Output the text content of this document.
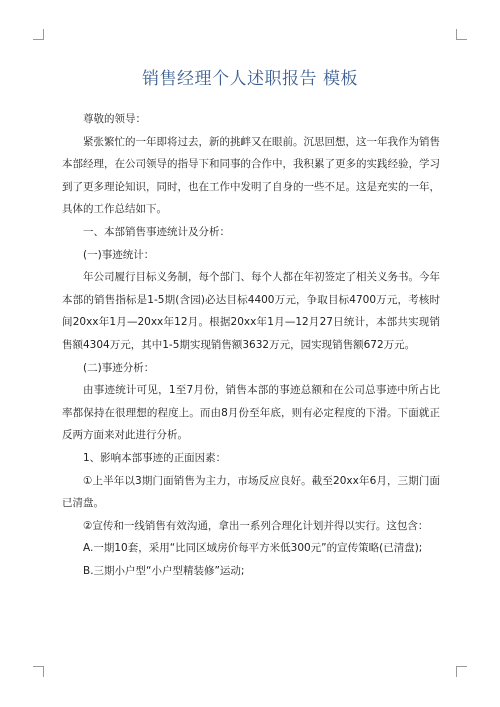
销售经理个人述职报告 模板

尊敬的领导：

紧张繁忙的一年即将过去，新的挑衅又在眼前。沉思回想，这一年我作为销售本部经理，在公司领导的指导下和同事的合作中，我积累了更多的实践经验，学习到了更多理论知识，同时，也在工作中发明了自身的一些不足。这是充实的一年，具体的工作总结如下。

一、本部销售事迹统计及分析：

(一)事迹统计：

年公司履行目标义务制，每个部门、每个人都在年初签定了相关义务书。今年本部的销售指标是1-5期(含园)必达目标4400万元，争取目标4700万元，考核时间20xx年1月—20xx年12月。根据20xx年1月—12月27日统计，本部共实现销售额4304万元，其中1-5期实现销售额3632万元，园实现销售额672万元。

(二)事迹分析：

由事迹统计可见，1至7月份，销售本部的事迹总额和在公司总事迹中所占比率都保持在很理想的程度上。而由8月份至年底，则有必定程度的下滑。下面就正反两方面来对此进行分析。

1、影响本部事迹的正面因素：

①上半年以3期门面销售为主力，市场反应良好。截至20xx年6月，三期门面已清盘。

②宣传和一线销售有效沟通，拿出一系列合理化计划并得以实行。这包含：

A.一期10套，采用“比同区域房价每平方米低300元”的宣传策略(已清盘);

B.三期小户型“小户型精装修”运动;
